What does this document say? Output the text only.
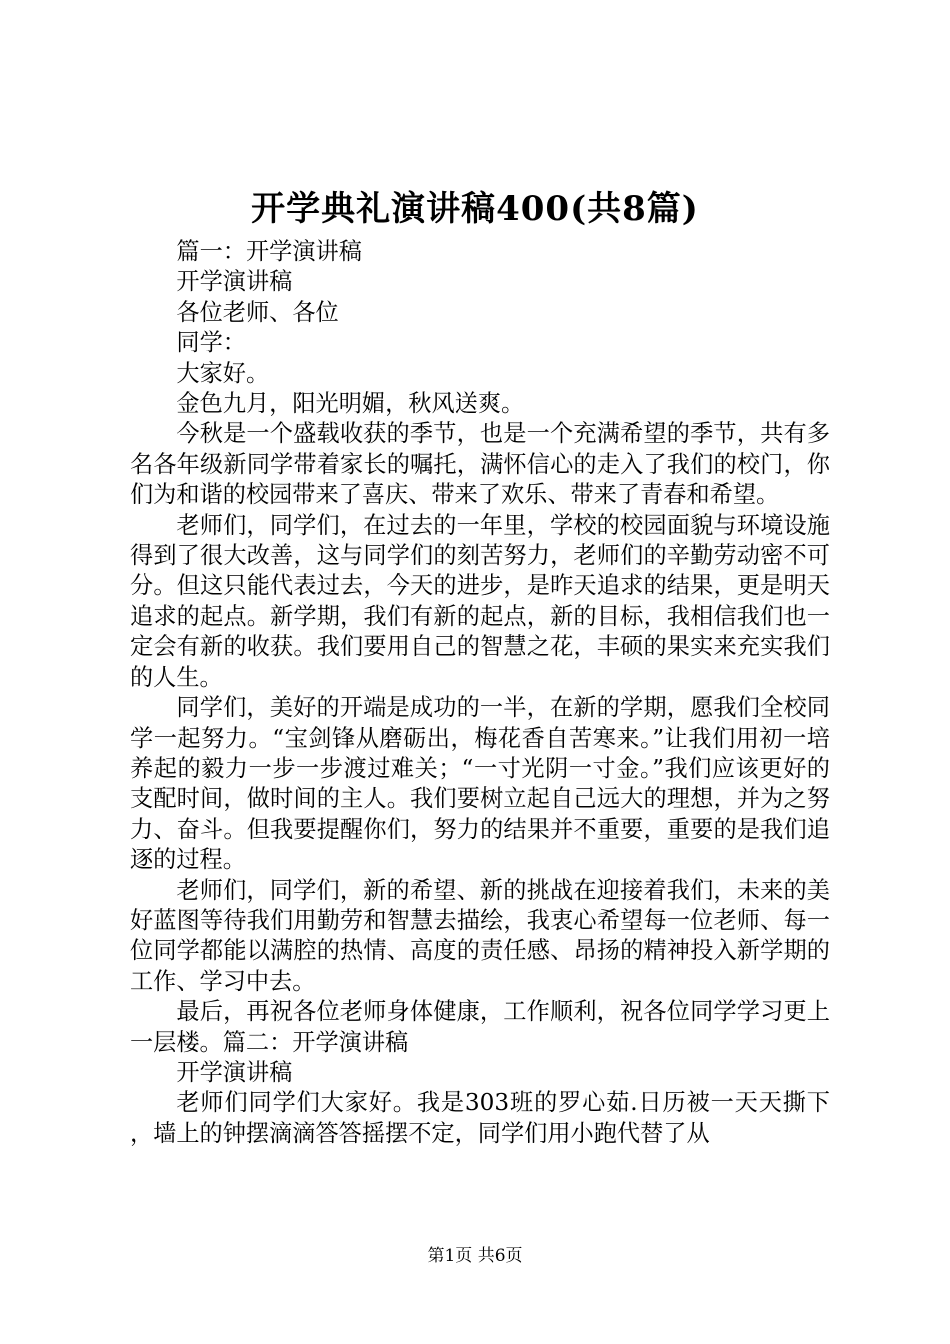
开学典礼演讲稿400(共8篇)

篇一：开学演讲稿

开学演讲稿

各位老师、各位

同学：

大家好。

金色九月，阳光明媚，秋风送爽。

今秋是一个盛载收获的季节，也是一个充满希望的季节，共有多名各年级新同学带着家长的嘱托，满怀信心的走入了我们的校门，你们为和谐的校园带来了喜庆、带来了欢乐、带来了青春和希望。

老师们，同学们，在过去的一年里，学校的校园面貌与环境设施得到了很大改善，这与同学们的刻苦努力，老师们的辛勤劳动密不可分。但这只能代表过去，今天的进步，是昨天追求的结果，更是明天追求的起点。新学期，我们有新的起点，新的目标，我相信我们也一定会有新的收获。我们要用自己的智慧之花，丰硕的果实来充实我们的人生。

同学们，美好的开端是成功的一半，在新的学期，愿我们全校同学一起努力。“宝剑锋从磨砺出，梅花香自苦寒来。”让我们用初一培养起的毅力一步一步渡过难关；“一寸光阴一寸金。”我们应该更好的支配时间，做时间的主人。我们要树立起自己远大的理想，并为之努力、奋斗。但我要提醒你们，努力的结果并不重要，重要的是我们追逐的过程。

老师们，同学们，新的希望、新的挑战在迎接着我们，未来的美好蓝图等待我们用勤劳和智慧去描绘，我衷心希望每一位老师、每一位同学都能以满腔的热情、高度的责任感、昂扬的精神投入新学期的工作、学习中去。

最后，再祝各位老师身体健康，工作顺利，祝各位同学学习更上一层楼。篇二：开学演讲稿

开学演讲稿

老师们同学们大家好。我是303班的罗心茹.日历被一天天撕下，墙上的钟摆滴滴答答摇摆不定，同学们用小跑代替了从

第1页 共6页
